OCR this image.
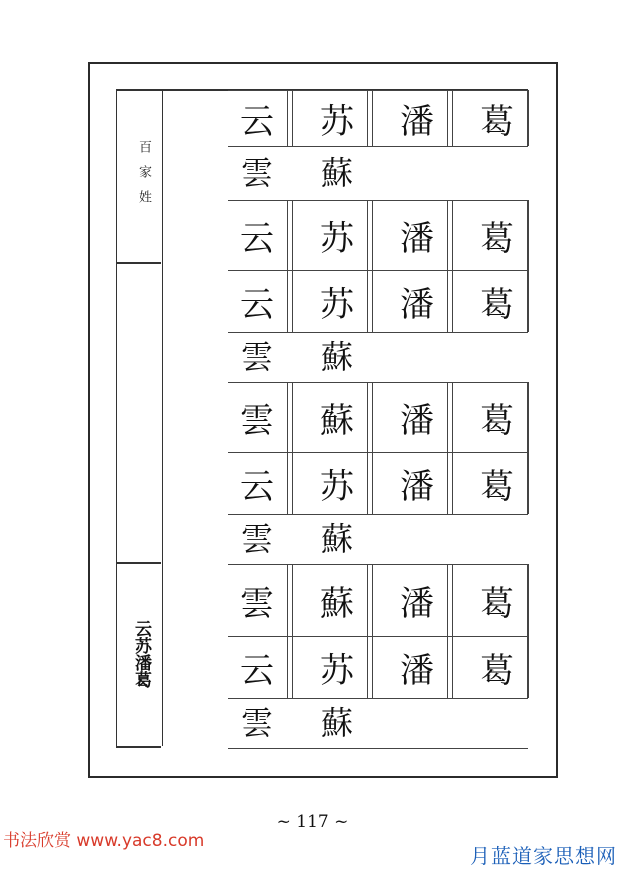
百家姓
云苏潘葛
云 苏 潘 葛
雲 蘇
云 苏 潘 葛
云 苏 潘 葛
雲 蘇
雲 蘇 潘 葛
云 苏 潘 葛
雲 蘇
雲 蘇 潘 葛
云 苏 潘 葛
雲 蘇
~ 117 ~
书法欣赏 www.yac8.com
月蓝道家思想网
